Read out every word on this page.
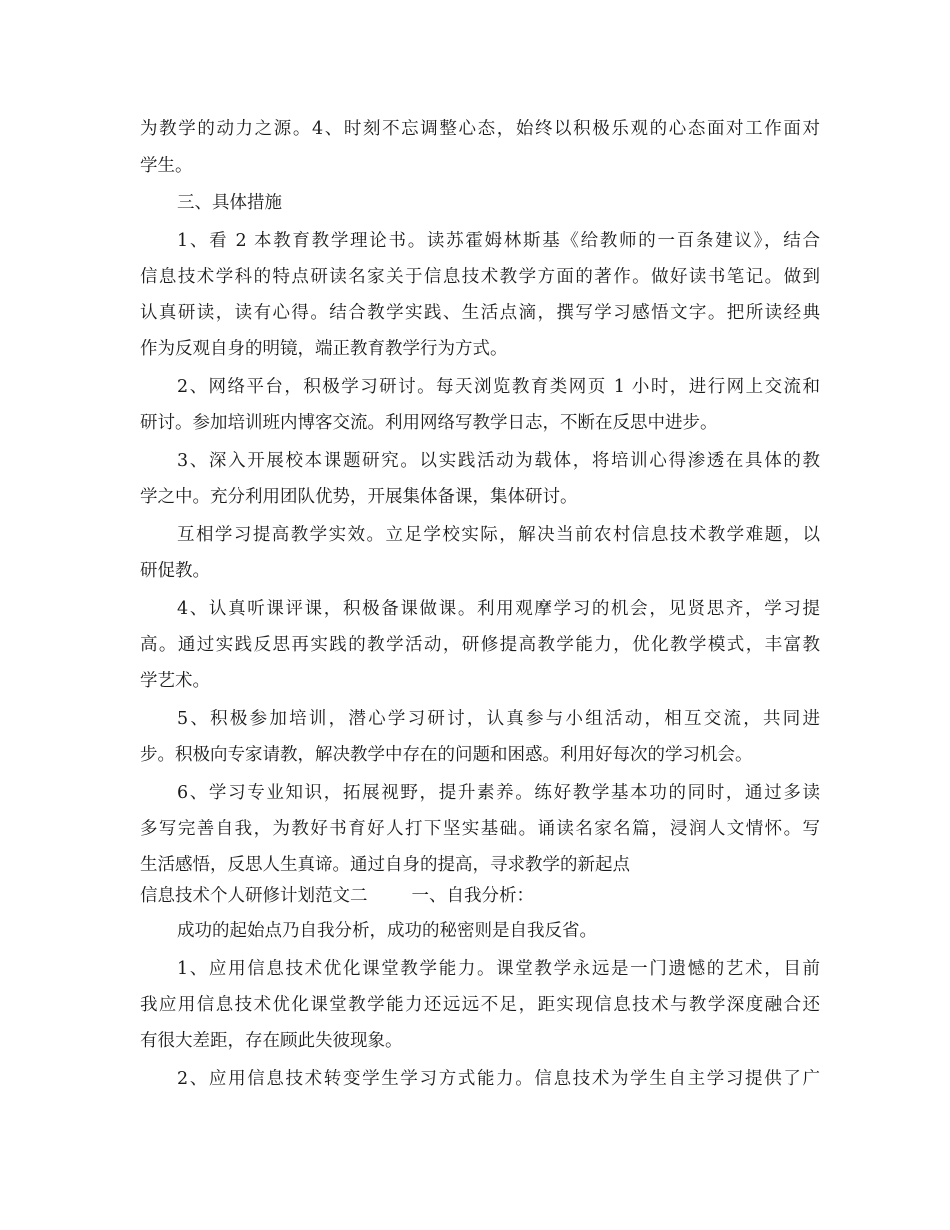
为教学的动力之源。4、时刻不忘调整心态，始终以积极乐观的心态面对工作面对
学生。
三、具体措施
1、看 2 本教育教学理论书。读苏霍姆林斯基《给教师的一百条建议》，结合
信息技术学科的特点研读名家关于信息技术教学方面的著作。做好读书笔记。做到
认真研读，读有心得。结合教学实践、生活点滴，撰写学习感悟文字。把所读经典
作为反观自身的明镜，端正教育教学行为方式。
2、网络平台，积极学习研讨。每天浏览教育类网页 1 小时，进行网上交流和
研讨。参加培训班内博客交流。利用网络写教学日志，不断在反思中进步。
3、深入开展校本课题研究。以实践活动为载体，将培训心得渗透在具体的教
学之中。充分利用团队优势，开展集体备课，集体研讨。
互相学习提高教学实效。立足学校实际，解决当前农村信息技术教学难题，以
研促教。
4、认真听课评课，积极备课做课。利用观摩学习的机会，见贤思齐，学习提
高。通过实践反思再实践的教学活动，研修提高教学能力，优化教学模式，丰富教
学艺术。
5、积极参加培训，潜心学习研讨，认真参与小组活动，相互交流，共同进
步。积极向专家请教，解决教学中存在的问题和困惑。利用好每次的学习机会。
6、学习专业知识，拓展视野，提升素养。练好教学基本功的同时，通过多读
多写完善自我，为教好书育好人打下坚实基础。诵读名家名篇，浸润人文情怀。写
生活感悟，反思人生真谛。通过自身的提高，寻求教学的新起点
信息技术个人研修计划范文二	一、自我分析：
成功的起始点乃自我分析，成功的秘密则是自我反省。
1、应用信息技术优化课堂教学能力。课堂教学永远是一门遗憾的艺术，目前
我应用信息技术优化课堂教学能力还远远不足，距实现信息技术与教学深度融合还
有很大差距，存在顾此失彼现象。
2、应用信息技术转变学生学习方式能力。信息技术为学生自主学习提供了广
